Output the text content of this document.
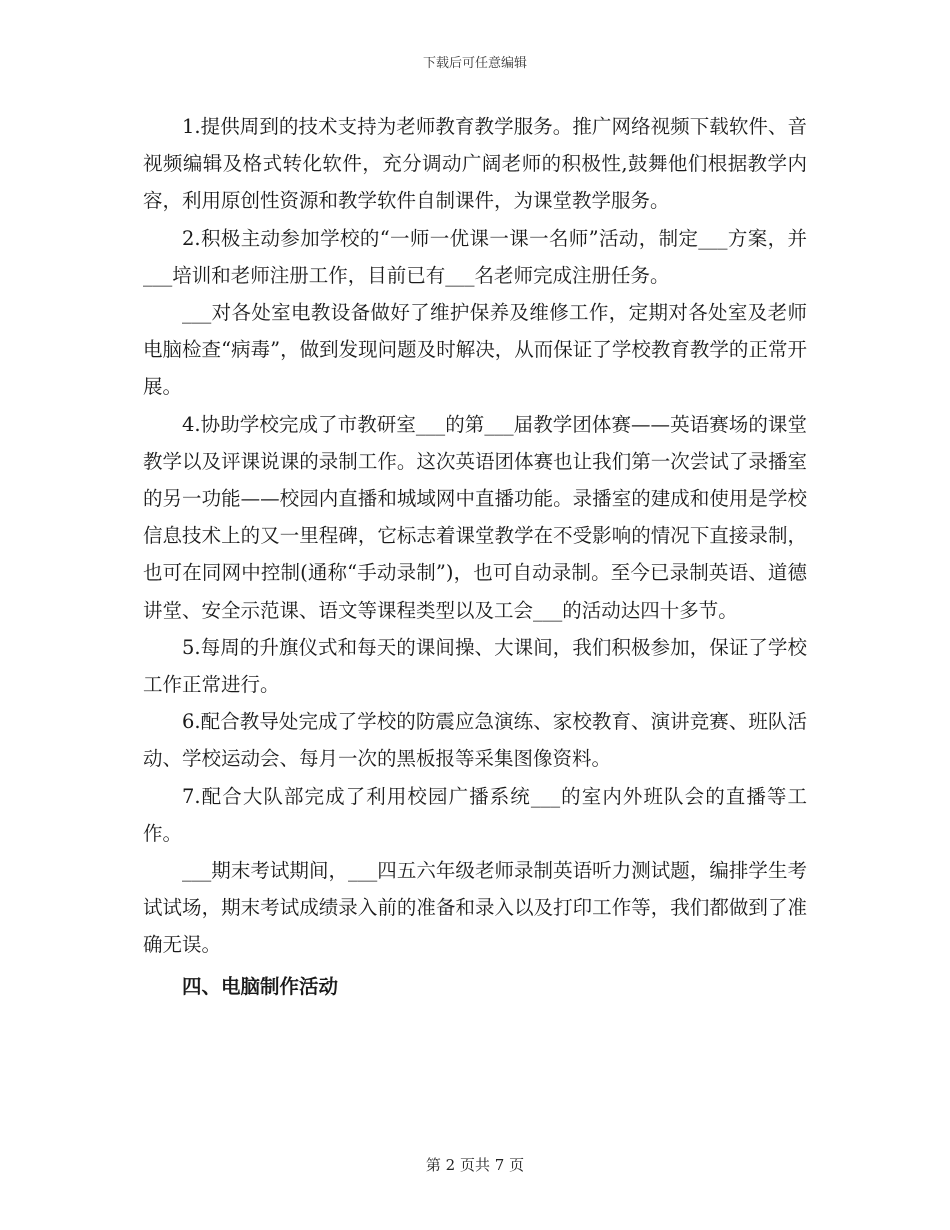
下载后可任意编辑

1.提供周到的技术支持为老师教育教学服务。推广网络视频下载软件、音视频编辑及格式转化软件，充分调动广阔老师的积极性,鼓舞他们根据教学内容，利用原创性资源和教学软件自制课件，为课堂教学服务。

2.积极主动参加学校的“一师一优课一课一名师”活动，制定___方案，并___培训和老师注册工作，目前已有___名老师完成注册任务。

___对各处室电教设备做好了维护保养及维修工作，定期对各处室及老师电脑检查“病毒”，做到发现问题及时解决，从而保证了学校教育教学的正常开展。

4.协助学校完成了市教研室___的第___届教学团体赛——英语赛场的课堂教学以及评课说课的录制工作。这次英语团体赛也让我们第一次尝试了录播室的另一功能——校园内直播和城域网中直播功能。录播室的建成和使用是学校信息技术上的又一里程碑，它标志着课堂教学在不受影响的情况下直接录制，也可在同网中控制(通称“手动录制”)，也可自动录制。至今已录制英语、道德讲堂、安全示范课、语文等课程类型以及工会___的活动达四十多节。

5.每周的升旗仪式和每天的课间操、大课间，我们积极参加，保证了学校工作正常进行。

6.配合教导处完成了学校的防震应急演练、家校教育、演讲竞赛、班队活动、学校运动会、每月一次的黑板报等采集图像资料。

7.配合大队部完成了利用校园广播系统___的室内外班队会的直播等工作。

___期末考试期间，___四五六年级老师录制英语听力测试题，编排学生考试试场，期末考试成绩录入前的准备和录入以及打印工作等，我们都做到了准确无误。

四、电脑制作活动

第 2 页共 7 页
